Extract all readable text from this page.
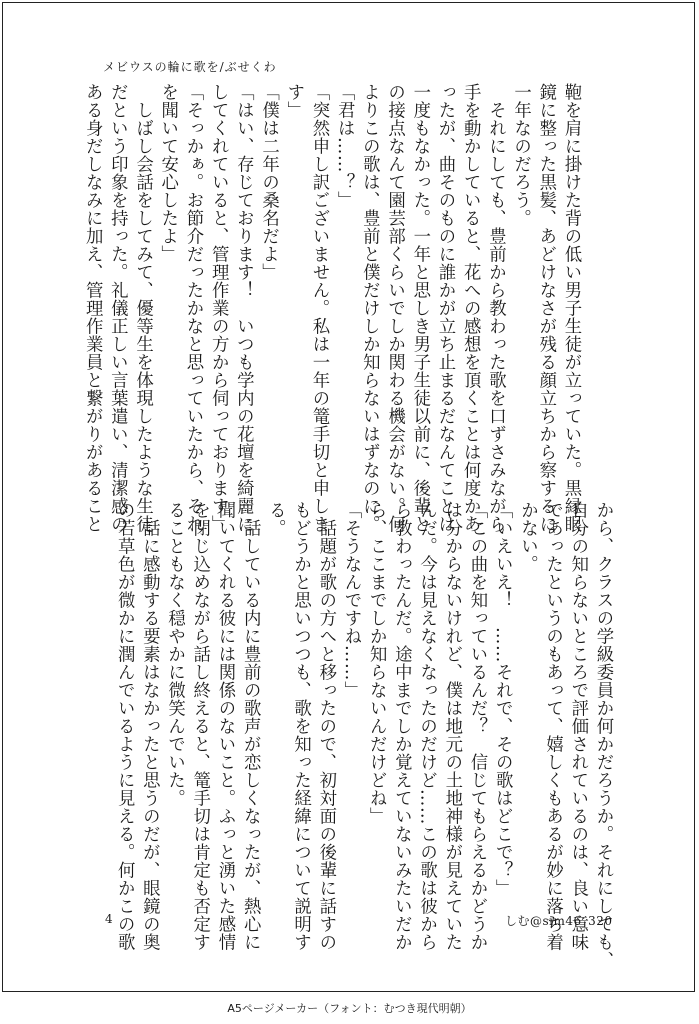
メビウスの輪に歌を/ぶせくわ
鞄を肩に掛けた背の低い男子生徒が立っていた。黒縁眼
鏡に整った黒髪、あどけなさが残る顔立ちから察するに
一年なのだろう。
　それにしても、豊前から教わった歌を口ずさみながら
手を動かしていると、花への感想を頂くことは何度かあ
ったが、曲そのものに誰かが立ち止まるだなんてことは
一度もなかった。一年と思しき男子生徒以前に、後輩と
の接点なんて園芸部くらいでしか関わる機会がない。何
よりこの歌は、豊前と僕だけしか知らないはずなのに。
「君は……？」
「突然申し訳ございません。私は一年の篭手切と申しま
す」
「僕は二年の桑名だよ」
「はい、存じております！　いつも学内の花壇を綺麗に
してくれていると、管理作業の方から伺っております」
「そっかぁ。お節介だったかなと思っていたから、それ
を聞いて安心したよ」
　しばし会話をしてみて、優等生を体現したような生徒
だという印象を持った。礼儀正しい言葉遣い、清潔感の
ある身だしなみに加え、管理作業員と繋がりがあること
から、クラスの学級委員か何かだろうか。それにしても、
自分の知らないところで評価されているのは、良い意味
であったというのもあって、嬉しくもあるが妙に落ち着
かない。
「いえいえ！　……それで、その歌はどこで？」
「この曲を知っているんだ？　信じてもらえるかどうか
は分からないけれど、僕は地元の土地神様が見えていた
んだ。今は見えなくなったのだけど……この歌は彼から
ら教わったんだ。途中までしか覚えていないみたいだか
ら、ここまでしか知らないんだけどね」
「そうなんですね……」
　話題が歌の方へと移ったので、初対面の後輩に話すの
もどうかと思いつつも、歌を知った経緯について説明す
る。
　話している内に豊前の歌声が恋しくなったが、熱心に
聞いてくれる彼には関係のないこと。ふっと湧いた感情
を閉じ込めながら話し終えると、篭手切は肯定も否定す
ることもなく穏やかに微笑んでいた。
　話に感動する要素はなかったと思うのだが、眼鏡の奥
の若草色が微かに潤んでいるように見える。何かこの歌
4	しむ@sim46_320
A5ページメーカー（フォント：むつき現代明朝）
